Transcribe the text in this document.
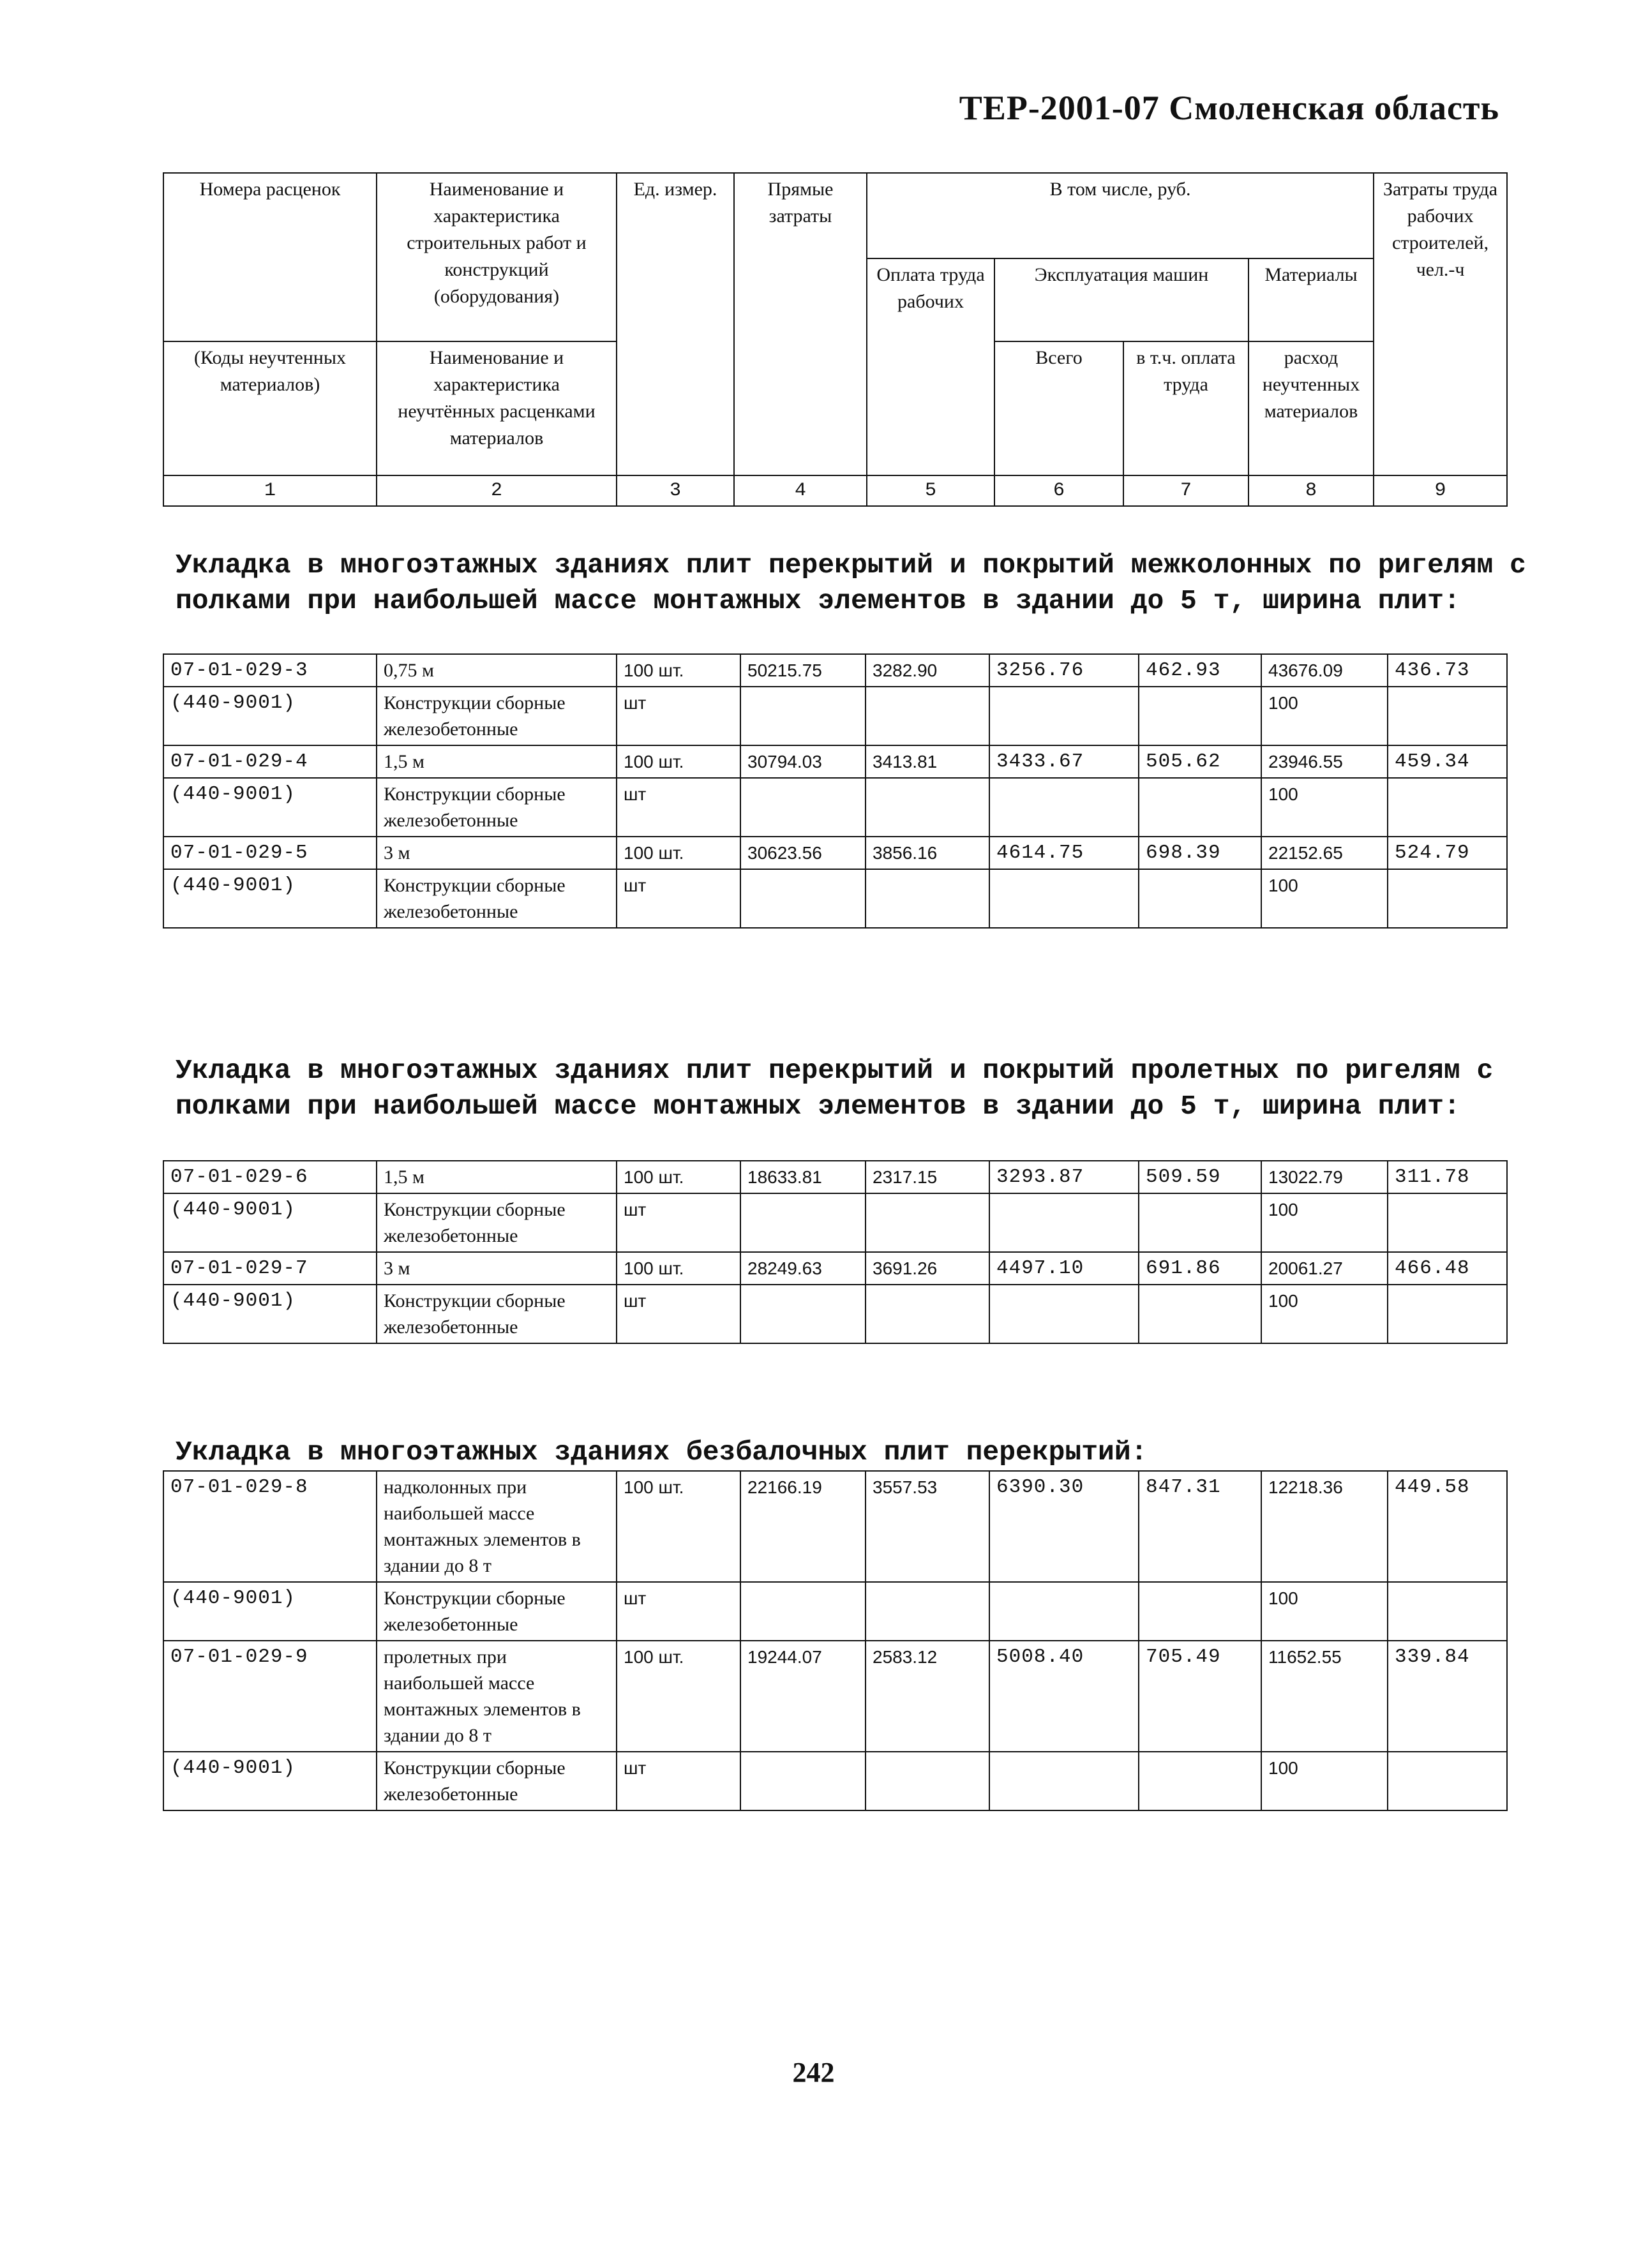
ТЕР-2001-07 Смоленская область
Номера расценок	Наименование и характеристика строительных работ и конструкций (оборудования)	Ед. измер.	Прямые затраты	В том числе, руб.				Затраты труда рабочих строителей, чел.-ч
				Оплата труда рабочих	Эксплуатация машин		Материалы	
(Коды неучтенных материалов)	Наименование и характеристика неучтённых расценками материалов				Всего	в т.ч. оплата труда	расход неучтенных материалов	
1	2	3	4	5	6	7	8	9
Укладка в многоэтажных зданиях плит перекрытий и покрытий межколонных по ригелям с полками при наибольшей массе монтажных элементов в здании до 5 т, ширина плит:
07-01-029-3	0,75 м	100 шт.	50215.75	3282.90	3256.76	462.93	43676.09	436.73
(440-9001)	Конструкции сборные железобетонные	шт					100	
07-01-029-4	1,5 м	100 шт.	30794.03	3413.81	3433.67	505.62	23946.55	459.34
(440-9001)	Конструкции сборные железобетонные	шт					100	
07-01-029-5	3 м	100 шт.	30623.56	3856.16	4614.75	698.39	22152.65	524.79
(440-9001)	Конструкции сборные железобетонные	шт					100	
Укладка в многоэтажных зданиях плит перекрытий и покрытий пролетных по ригелям с полками при наибольшей массе монтажных элементов в здании до 5 т, ширина плит:
07-01-029-6	1,5 м	100 шт.	18633.81	2317.15	3293.87	509.59	13022.79	311.78
(440-9001)	Конструкции сборные железобетонные	шт					100	
07-01-029-7	3 м	100 шт.	28249.63	3691.26	4497.10	691.86	20061.27	466.48
(440-9001)	Конструкции сборные железобетонные	шт					100	
Укладка в многоэтажных зданиях безбалочных плит перекрытий:
07-01-029-8	надколонных при наибольшей массе монтажных элементов в здании до 8 т	100 шт.	22166.19	3557.53	6390.30	847.31	12218.36	449.58
(440-9001)	Конструкции сборные железобетонные	шт					100	
07-01-029-9	пролетных при наибольшей массе монтажных элементов в здании до 8 т	100 шт.	19244.07	2583.12	5008.40	705.49	11652.55	339.84
(440-9001)	Конструкции сборные железобетонные	шт					100	
242
